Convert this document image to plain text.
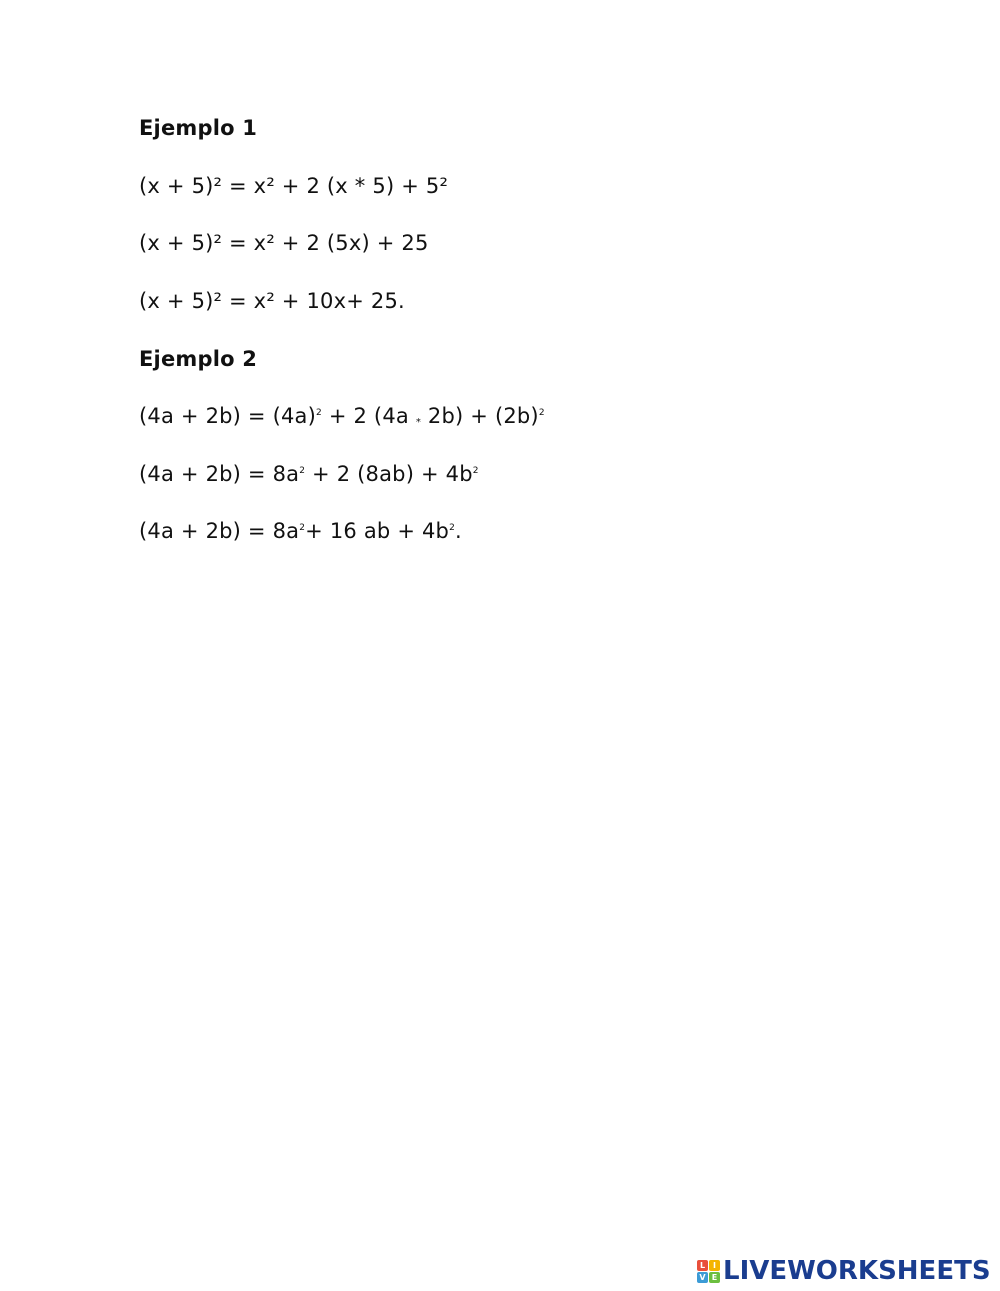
Ejemplo 1
(x + 5)² = x² + 2 (x * 5) + 5²
(x + 5)² = x² + 2 (5x) + 25
(x + 5)² = x² + 10x+ 25.
Ejemplo 2
$(4a + 2b) = (4a)^2 + 2$ $(4a * 2b) + (2b)^2$
$(4a + 2b) = 8a^2 + 2$ $(8ab) + 4b^2$
$(4a + 2b) = 8a^2+ 16$ ab + $4b^2$.
L I
V E LIVEWORKSHEETS
